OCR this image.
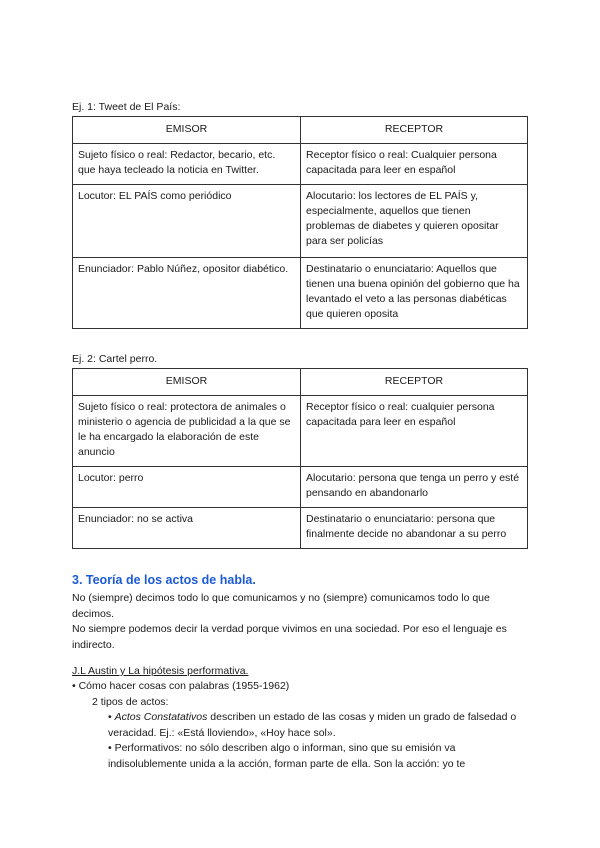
Ej. 1: Tweet de El País:
EMISOR	RECEPTOR
Sujeto físico o real: Redactor, becario, etc. que haya tecleado la noticia en Twitter.	Receptor físico o real: Cualquier persona capacitada para leer en español
Locutor: EL PAÍS como periódico	Alocutario: los lectores de EL PAÍS y, especialmente, aquellos que tienen problemas de diabetes y quieren opositar para ser policías
Enunciador: Pablo Núñez, opositor diabético.	Destinatario o enunciatario: Aquellos que tienen una buena opinión del gobierno que ha levantado el veto a las personas diabéticas que quieren oposita
Ej. 2: Cartel perro.
EMISOR	RECEPTOR
Sujeto físico o real: protectora de animales o ministerio o agencia de publicidad a la que se le ha encargado la elaboración de este anuncio	Receptor físico o real: cualquier persona capacitada para leer en español
Locutor: perro	Alocutario: persona que tenga un perro y esté pensando en abandonarlo
Enunciador: no se activa	Destinatario o enunciatario: persona que finalmente decide no abandonar a su perro
3. Teoría de los actos de habla.
No (siempre) decimos todo lo que comunicamos y no (siempre) comunicamos todo lo que decimos.
No siempre podemos decir la verdad porque vivimos en una sociedad. Por eso el lenguaje es indirecto.
J.L Austin y La hipótesis performativa.
• Cómo hacer cosas con palabras (1955-1962)
2 tipos de actos:
• Actos Constatativos describen un estado de las cosas y miden un grado de falsedad o veracidad. Ej.: «Está lloviendo», «Hoy hace sol».
• Performativos: no sólo describen algo o informan, sino que su emisión va indisolublemente unida a la acción, forman parte de ella. Son la acción: yo te
